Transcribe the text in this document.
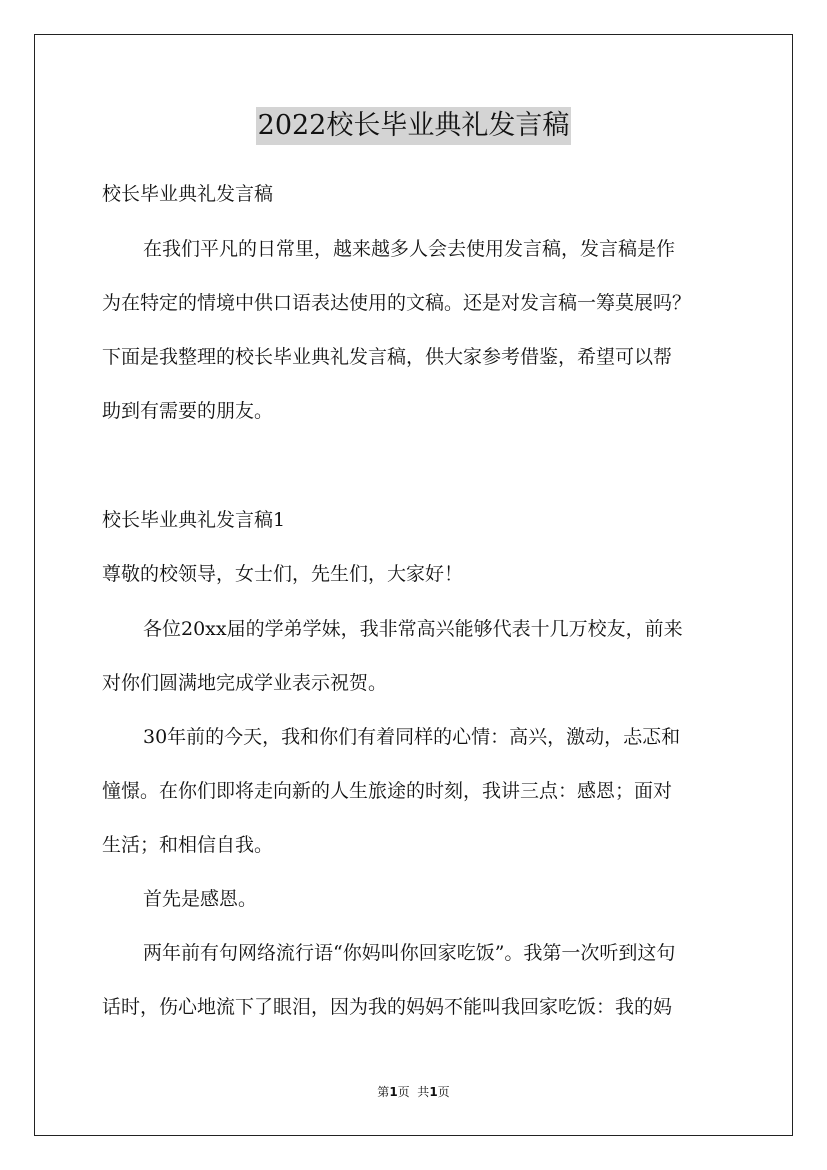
2022校长毕业典礼发言稿

校长毕业典礼发言稿

在我们平凡的日常里，越来越多人会去使用发言稿，发言稿是作

为在特定的情境中供口语表达使用的文稿。还是对发言稿一筹莫展吗？

下面是我整理的校长毕业典礼发言稿，供大家参考借鉴，希望可以帮

助到有需要的朋友。

校长毕业典礼发言稿1

尊敬的校领导，女士们，先生们，大家好！

各位20xx届的学弟学妹，我非常高兴能够代表十几万校友，前来

对你们圆满地完成学业表示祝贺。

30年前的今天，我和你们有着同样的心情：高兴，激动，忐忑和

憧憬。在你们即将走向新的人生旅途的时刻，我讲三点：感恩；面对

生活；和相信自我。

首先是感恩。

两年前有句网络流行语“你妈叫你回家吃饭”。我第一次听到这句

话时，伤心地流下了眼泪，因为我的妈妈不能叫我回家吃饭：我的妈

第1页  共1页
